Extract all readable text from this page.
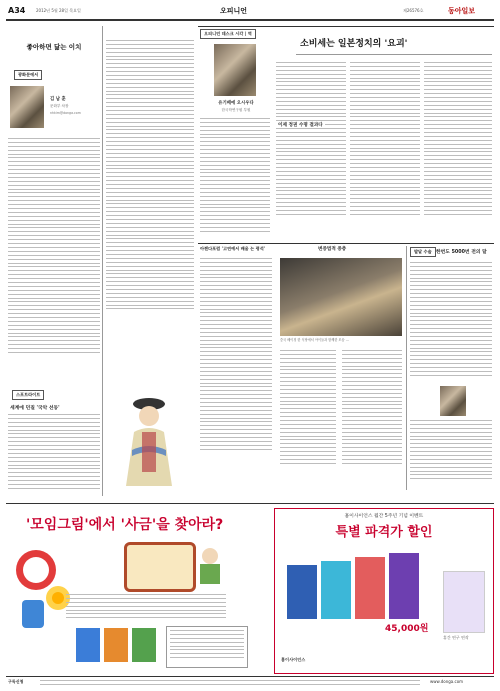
A34	2012년 5월 28일 목요일	오피니언	제26576호	동아일보
좋아하면 닮는 이치
광화문에서
김 남 훈
문화부 차장
nhkim@donga.com
스포트라이트
세계에 던질 '국악 선동'
오피니언 데스크 시각 | 역
유기배에 오시우다
한국학연구원 부원
소비세는 일본정치의 '요괴'
이제 정권 수명 결과다
아젠다포럼 '고연예서 배움 는 평석'	변증법적 중층
중국 베이징 한 식당에서 아이들과 함께한 모습 …
발달 수술 한번도 5000번 전의 달
'모임그림'에서 '사금'을 찾아라?
홈이사이언스 월간 5주년 기념 이벤트
특별 파격가 할인
45,000원
휴간 연구 연작
홈이사이언스
구독신청	www.donga.com
